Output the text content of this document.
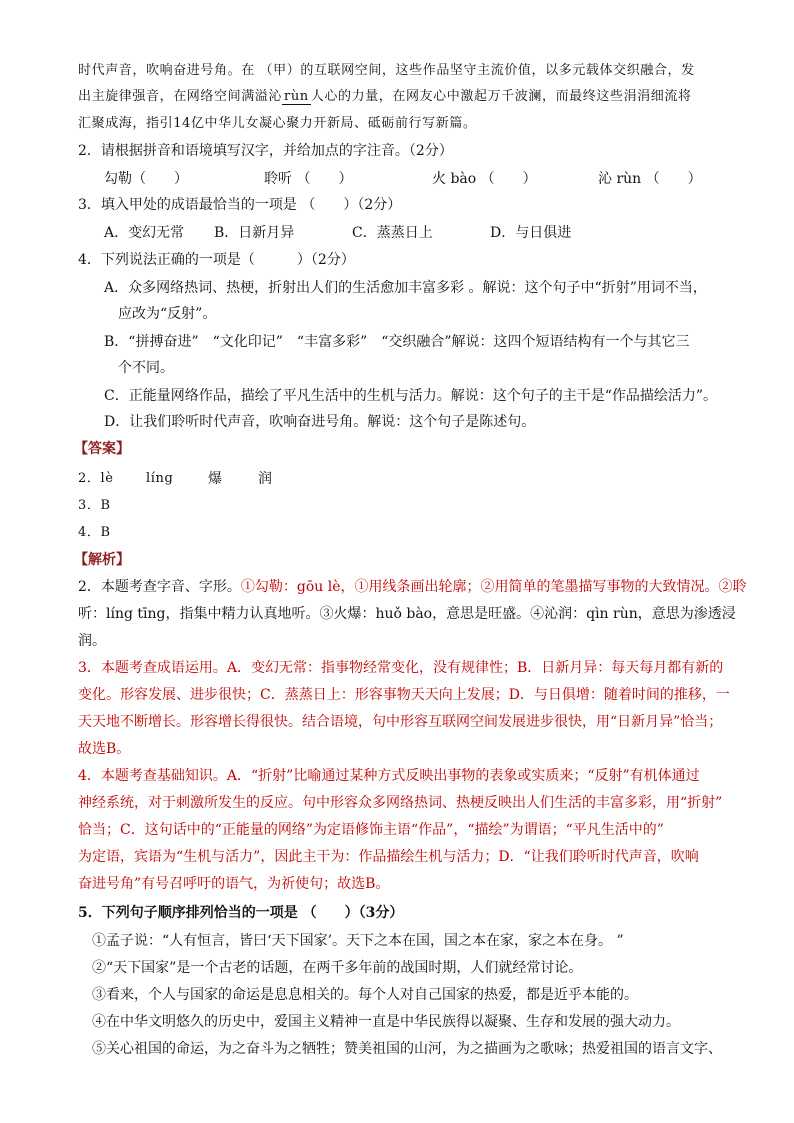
时代声音，吹响奋进号角。在 （甲）的互联网空间，这些作品坚守主流价值，以多元载体交织融合，发
出主旋律强音，在网络空间满溢沁 rùn 人心的力量，在网友心中激起万千波澜，而最终这些涓涓细流将
汇聚成海，指引14亿中华儿女凝心聚力开新局、砥砺前行写新篇。
2．请根据拼音和语境填写汉字，并给加点的字注音。（2分）
勾勒（　　）	聆听 （　　）	火 bào （　　）	沁 rùn （　　）
3．填入甲处的成语最恰当的一项是 （　　）（2分）
A．变幻无常 B．日新月异	C．蒸蒸日上	D．与日俱进
4．下列说法正确的一项是（　　　）（2分）
A．众多网络热词、热梗，折射出人们的生活愈加丰富多彩 。解说：这个句子中“折射”用词不当，
应改为“反射”。
B．“拼搏奋进”　“文化印记”　“丰富多彩”　“交织融合”解说：这四个短语结构有一个与其它三
个不同。
C．正能量网络作品，描绘了平凡生活中的生机与活力。解说：这个句子的主干是“作品描绘活力”。
D．让我们聆听时代声音，吹响奋进号角。解说：这个句子是陈述句。
【答案】
2．lè líng 爆	润
3．B
4．B
【解析】
2．本题考查字音、字形。①勾勒：gōu lè，①用线条画出轮廓；②用简单的笔墨描写事物的大致情况。②聆
听：líng tīng，指集中精力认真地听。③火爆：huǒ bào，意思是旺盛。④沁润：qìn rùn，意思为渗透浸
润。
3．本题考查成语运用。A．变幻无常：指事物经常变化，没有规律性；B．日新月异：每天每月都有新的
变化。形容发展、进步很快；C．蒸蒸日上：形容事物天天向上发展；D．与日俱增：随着时间的推移，一
天天地不断增长。形容增长得很快。结合语境，句中形容互联网空间发展进步很快，用“日新月异”恰当；
故选B。
4．本题考查基础知识。A．“折射”比喻通过某种方式反映出事物的表象或实质来；“反射”有机体通过
神经系统，对于刺激所发生的反应。句中形容众多网络热词、热梗反映出人们生活的丰富多彩，用“折射”
恰当；C．这句话中的“正能量的网络”为定语修饰主语“作品”，“描绘”为谓语；“平凡生活中的”
为定语，宾语为“生机与活力”，因此主干为：作品描绘生机与活力；D．“让我们聆听时代声音，吹响
奋进号角”有号召呼吁的语气，为祈使句；故选B。
5．下列句子顺序排列恰当的一项是 （　　）（3分）
①孟子说：“人有恒言，皆曰‘天下国家’。天下之本在国，国之本在家，家之本在身。 ”
②“天下国家”是一个古老的话题，在两千多年前的战国时期，人们就经常讨论。
③看来，个人与国家的命运是息息相关的。每个人对自己国家的热爱，都是近乎本能的。
④在中华文明悠久的历史中，爱国主义精神一直是中华民族得以凝聚、生存和发展的强大动力。
⑤关心祖国的命运，为之奋斗为之牺牲；赞美祖国的山河，为之描画为之歌咏；热爱祖国的语言文字、
